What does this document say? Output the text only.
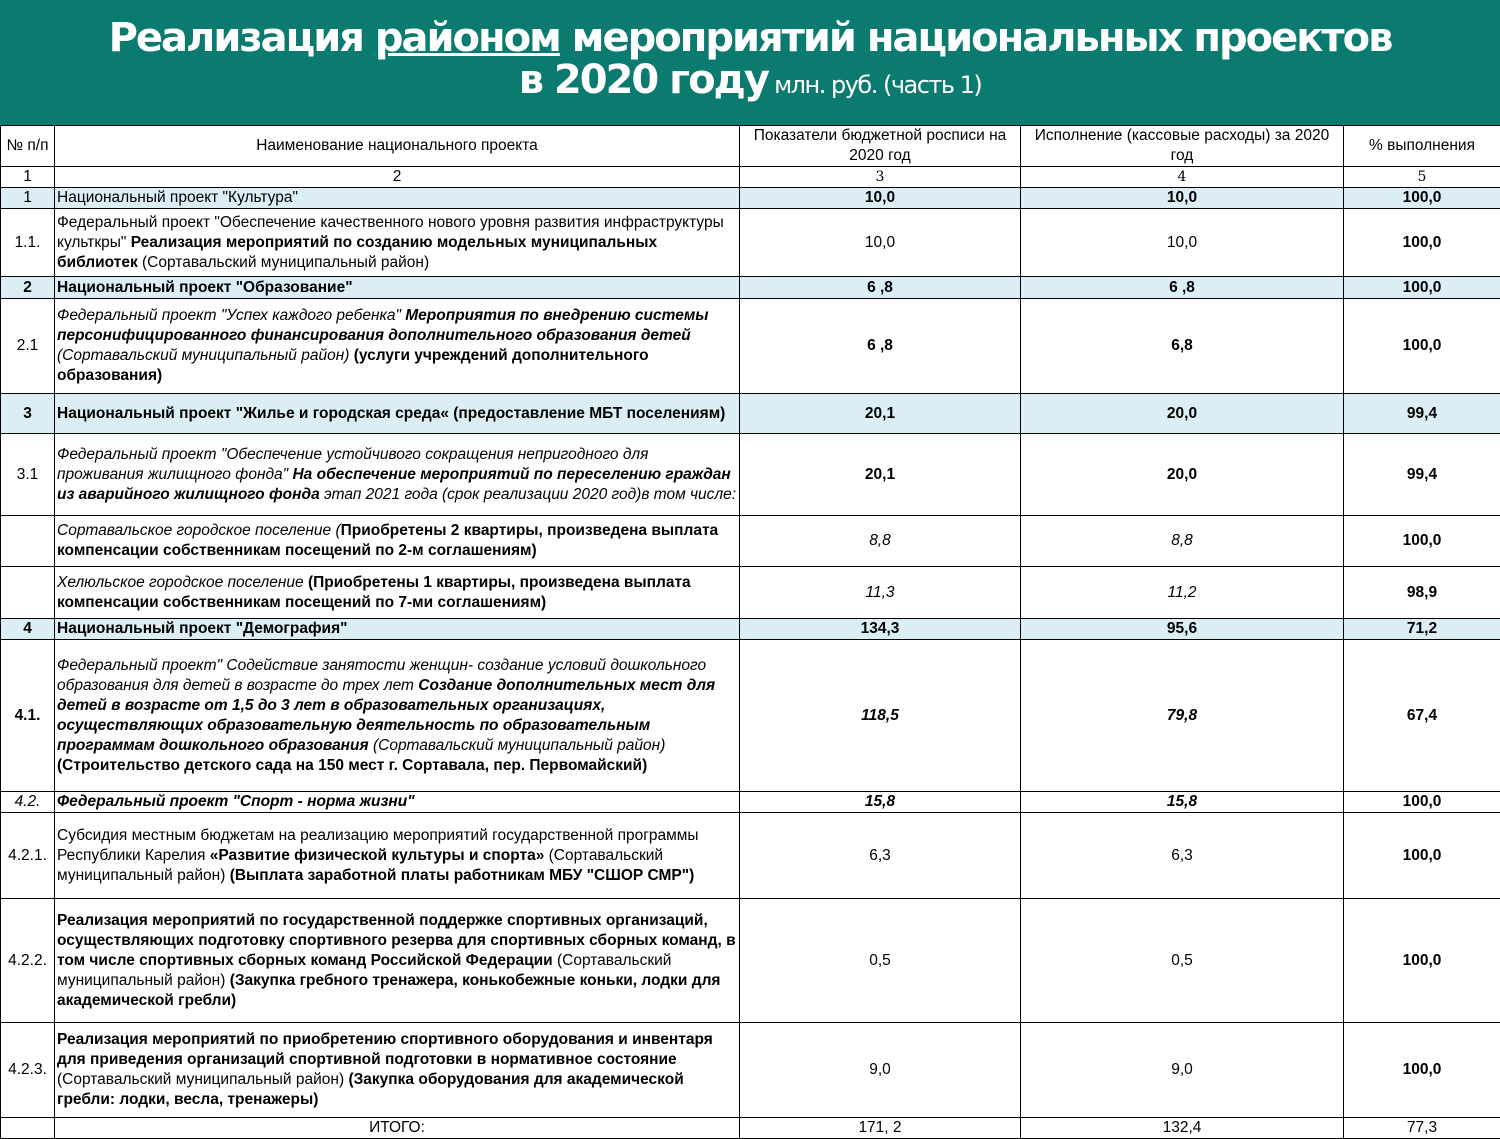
Реализация районом мероприятий национальных проектов
в 2020 году млн. руб. (часть 1)
№ п/п	Наименование национального проекта	Показатели бюджетной росписи на 2020 год	Исполнение (кассовые расходы) за 2020 год	% выполнения
1	2	3	4	5
1	Национальный проект "Культура"	10,0	10,0	100,0
1.1.	Федеральный проект "Обеспечение качественного нового уровня развития инфраструктуры культкры" Реализация мероприятий по созданию модельных муниципальных библиотек (Сортавальский муниципальный район)	10,0	10,0	100,0
2	Национальный проект "Образование"	6 ,8	6 ,8	100,0
2.1	Федеральный проект "Успех каждого ребенка" Мероприятия по внедрению системы персонифицированного финансирования дополнительного образования детей (Сортавальский муниципальный район) (услуги учреждений дополнительного образования)	6 ,8	6,8	100,0
3	Национальный проект "Жилье и городская среда« (предоставление МБТ поселениям)	20,1	20,0	99,4
3.1	Федеральный проект "Обеспечение устойчивого сокращения непригодного для проживания жилищного фонда" На обеспечение мероприятий по переселению граждан из аварийного жилищного фонда этап 2021 года (срок реализации 2020 год)в том числе:	20,1	20,0	99,4
	Сортавальское городское поселение (Приобретены 2 квартиры, произведена выплата компенсации собственникам посещений по 2-м соглашениям)	8,8	8,8	100,0
	Хелюльское городское поселение (Приобретены 1 квартиры, произведена выплата компенсации собственникам посещений по 7-ми соглашениям)	11,3	11,2	98,9
4	Национальный проект "Демография"	134,3	95,6	71,2
4.1.	Федеральный проект" Содействие занятости женщин- создание условий дошкольного образования для детей в возрасте до трех лет Создание дополнительных мест для детей в возрасте от 1,5 до 3 лет в образовательных организациях, осуществляющих образовательную деятельность по образовательным программам дошкольного образования (Сортавальский муниципальный район)(Строительство детского сада на 150 мест г. Сортавала, пер. Первомайский)	118,5	79,8	67,4
4.2.	Федеральный проект "Спорт - норма жизни"	15,8	15,8	100,0
4.2.1.	Субсидия местным бюджетам на реализацию мероприятий государственной программы Республики Карелия «Развитие физической культуры и спорта» (Сортавальский муниципальный район) (Выплата заработной платы работникам МБУ "СШОР СМР")	6,3	6,3	100,0
4.2.2.	Реализация мероприятий по государственной поддержке спортивных организаций, осуществляющих подготовку спортивного резерва для спортивных сборных команд, в том числе спортивных сборных команд Российской Федерации (Сортавальский муниципальный район) (Закупка гребного тренажера, конькобежные коньки, лодки для академической гребли)	0,5	0,5	100,0
4.2.3.	Реализация мероприятий по приобретению спортивного оборудования и инвентаря для приведения организаций спортивной подготовки в нормативное состояние (Сортавальский муниципальный район) (Закупка оборудования для академической гребли: лодки, весла, тренажеры)	9,0	9,0	100,0
	ИТОГО:	171, 2	132,4	77,3
